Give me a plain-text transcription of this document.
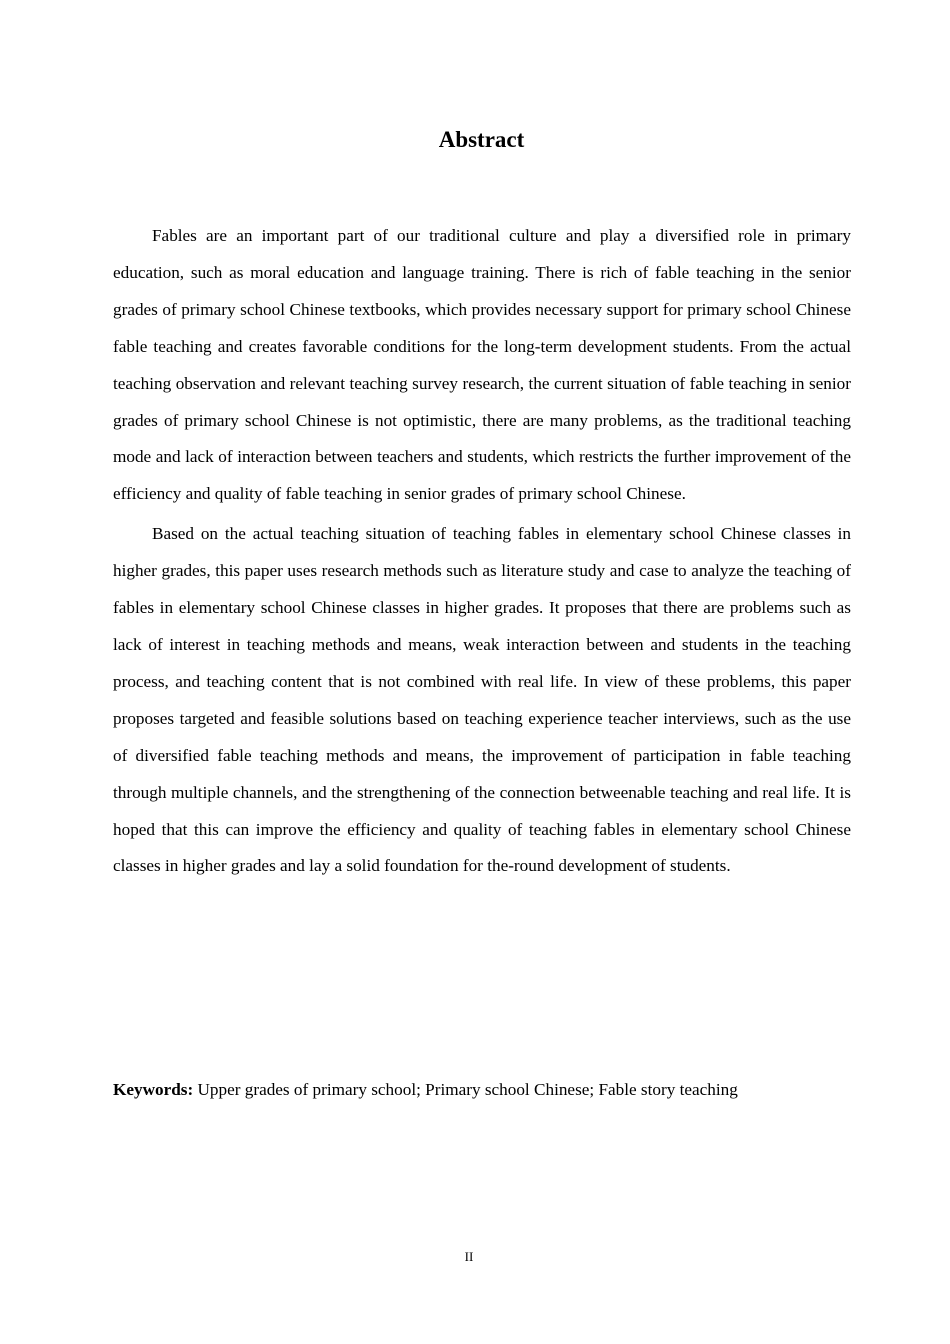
Abstract

Fables are an important part of our traditional culture and play a diversified role in primary education, such as moral education and language training. There is rich of fable teaching in the senior grades of primary school Chinese textbooks, which provides necessary support for primary school Chinese fable teaching and creates favorable conditions for the long-term development students. From the actual teaching observation and relevant teaching survey research, the current situation of fable teaching in senior grades of primary school Chinese is not optimistic, there are many problems, as the traditional teaching mode and lack of interaction between teachers and students, which restricts the further improvement of the efficiency and quality of fable teaching in senior grades of primary school Chinese.

Based on the actual teaching situation of teaching fables in elementary school Chinese classes in higher grades, this paper uses research methods such as literature study and case to analyze the teaching of fables in elementary school Chinese classes in higher grades. It proposes that there are problems such as lack of interest in teaching methods and means, weak interaction between and students in the teaching process, and teaching content that is not combined with real life. In view of these problems, this paper proposes targeted and feasible solutions based on teaching experience teacher interviews, such as the use of diversified fable teaching methods and means, the improvement of participation in fable teaching through multiple channels, and the strengthening of the connection betweenable teaching and real life. It is hoped that this can improve the efficiency and quality of teaching fables in elementary school Chinese classes in higher grades and lay a solid foundation for the-round development of students.

Keywords: Upper grades of primary school; Primary school Chinese; Fable story teaching

II
